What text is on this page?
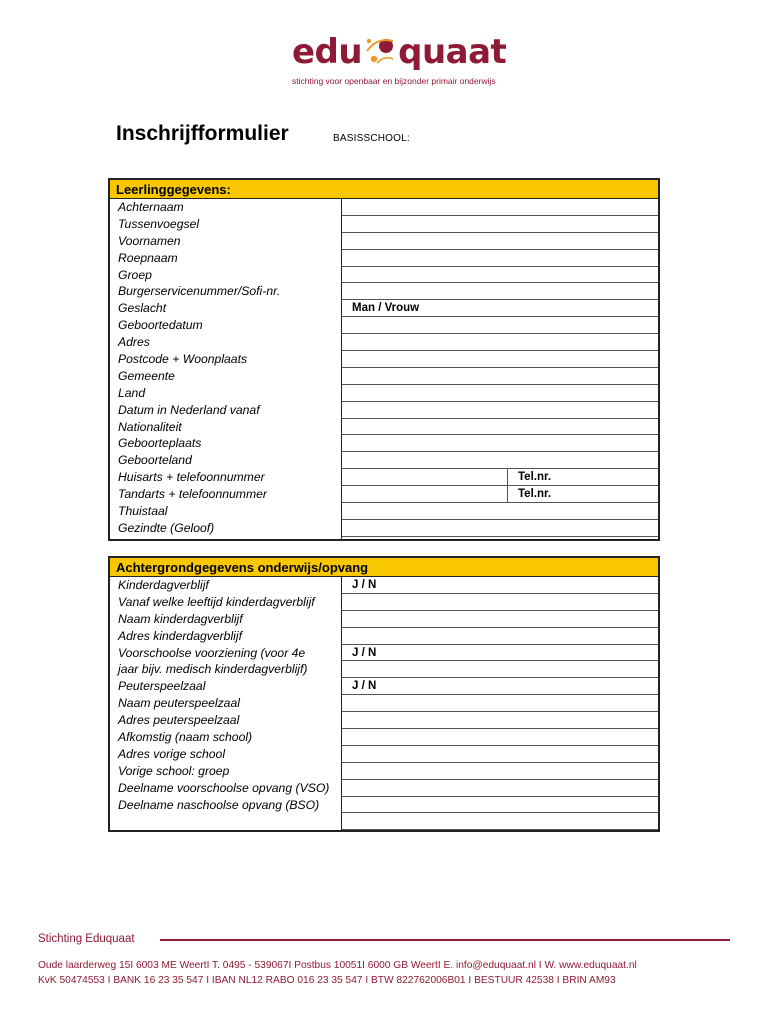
edu quaat
stichting voor openbaar en bijzonder primair onderwijs
Inschrijfformulier	BASISSCHOOL:
Leerlinggegevens:
Achternaam
Tussenvoegsel
Voornamen
Roepnaam
Groep
Burgerservicenummer/Sofi-nr.
Geslacht
Geboortedatum
Adres
Postcode + Woonplaats
Gemeente
Land
Datum in Nederland vanaf
Nationaliteit
Geboorteplaats
Geboorteland
Huisarts + telefoonnummer
Tandarts + telefoonnummer
Thuistaal
Gezindte (Geloof)
Man / Vrouw
Tel.nr.
Tel.nr.
Achtergrondgegevens onderwijs/opvang
Kinderdagverblijf
Vanaf welke leeftijd kinderdagverblijf
Naam kinderdagverblijf
Adres kinderdagverblijf
Voorschoolse voorziening (voor 4e
jaar bijv. medisch kinderdagverblijf)
Peuterspeelzaal
Naam peuterspeelzaal
Adres peuterspeelzaal
Afkomstig (naam school)
Adres vorige school
Vorige school: groep
Deelname voorschoolse opvang (VSO)
Deelname naschoolse opvang (BSO)
J / N
J / N
J / N
Stichting Eduquaat
Oude laarderweg 15I 6003 ME WeertI T. 0495 - 539067I Postbus 10051I 6000 GB WeertI E. info@eduquaat.nl I W. www.eduquaat.nl
KvK 50474553 I BANK 16 23 35 547 I IBAN NL12 RABO 016 23 35 547 I BTW 822762006B01 I BESTUUR 42538 I BRIN AM93
